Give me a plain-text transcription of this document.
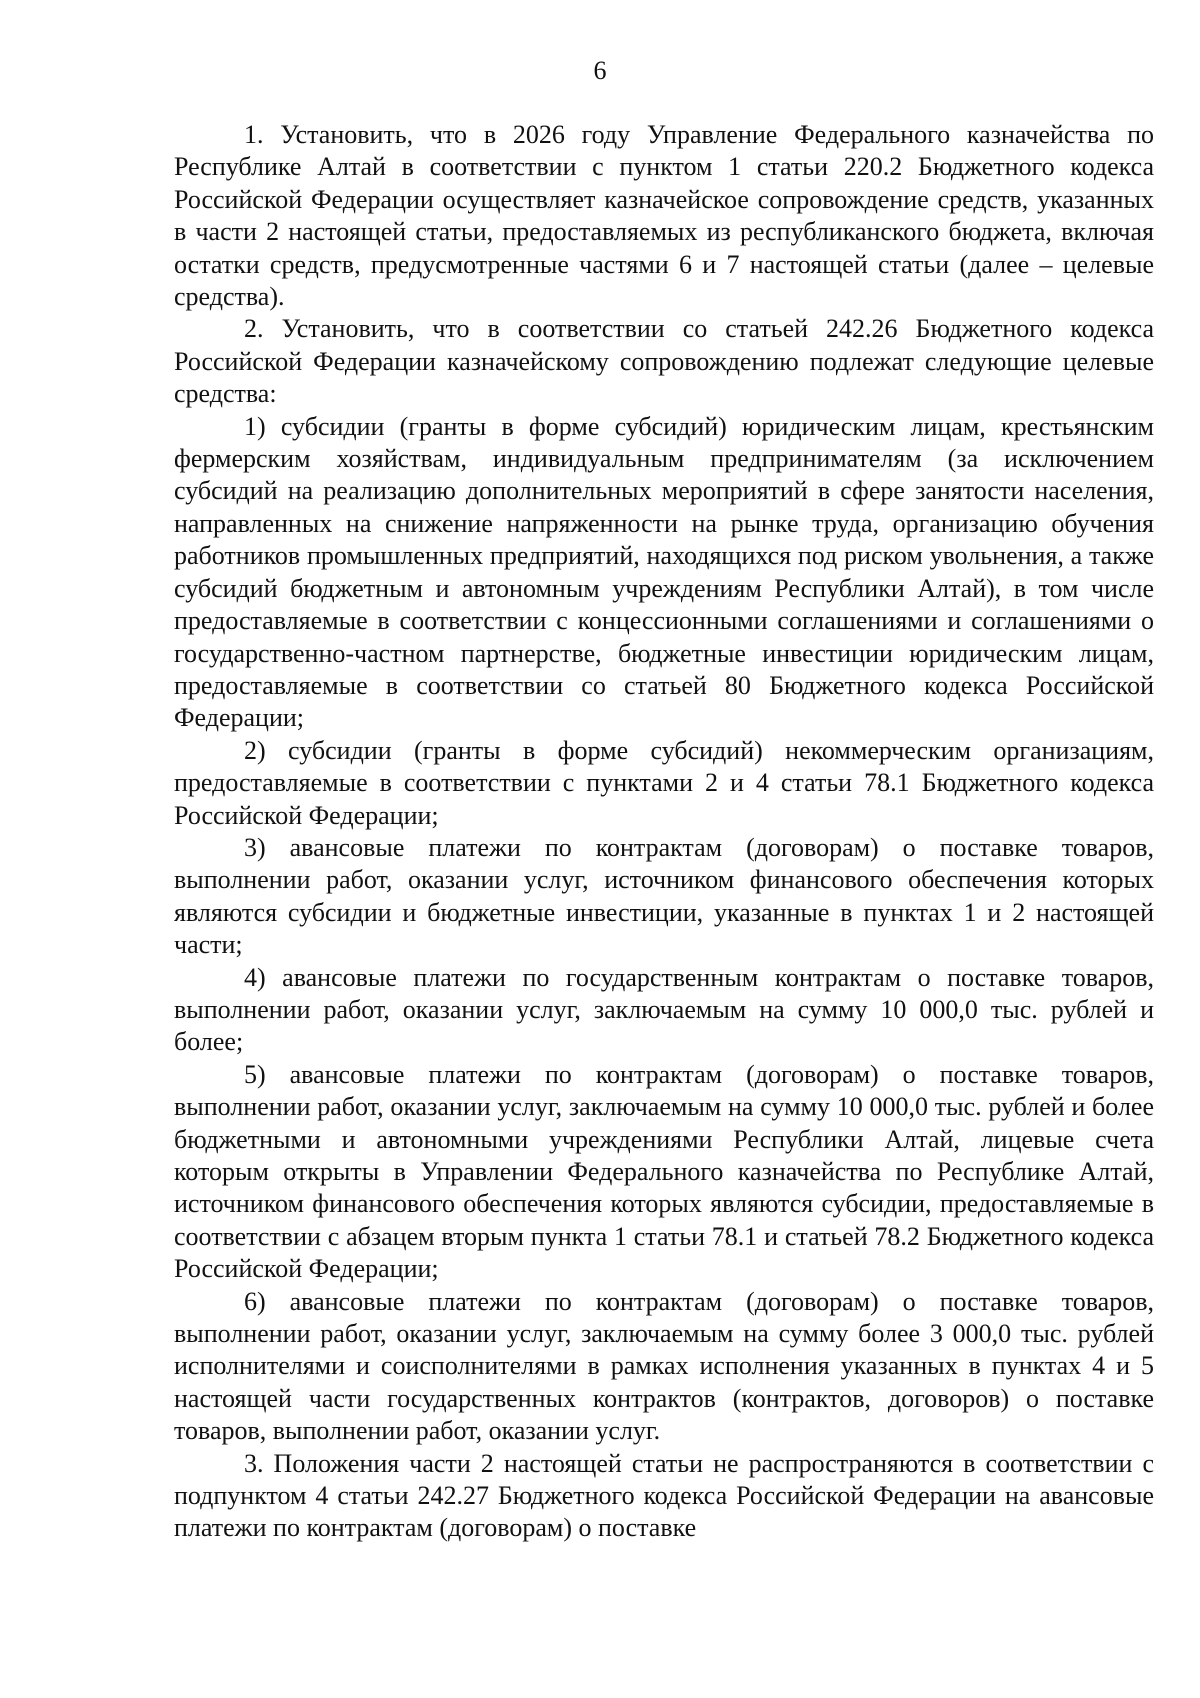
6

1. Установить, что в 2026 году Управление Федерального казначейства по Республике Алтай в соответствии с пунктом 1 статьи 220.2 Бюджетного кодекса Российской Федерации осуществляет казначейское сопровождение средств, указанных в части 2 настоящей статьи, предоставляемых из республиканского бюджета, включая остатки средств, предусмотренные частями 6 и 7 настоящей статьи (далее – целевые средства).

2. Установить, что в соответствии со статьей 242.26 Бюджетного кодекса Российской Федерации казначейскому сопровождению подлежат следующие целевые средства:

1) субсидии (гранты в форме субсидий) юридическим лицам, крестьянским фермерским хозяйствам, индивидуальным предпринимателям (за исключением субсидий на реализацию дополнительных мероприятий в сфере занятости населения, направленных на снижение напряженности на рынке труда, организацию обучения работников промышленных предприятий, находящихся под риском увольнения, а также субсидий бюджетным и автономным учреждениям Республики Алтай), в том числе предоставляемые в соответствии с концессионными соглашениями и соглашениями о государственно-частном партнерстве, бюджетные инвестиции юридическим лицам, предоставляемые в соответствии со статьей 80 Бюджетного кодекса Российской Федерации;

2) субсидии (гранты в форме субсидий) некоммерческим организациям, предоставляемые в соответствии с пунктами 2 и 4 статьи 78.1 Бюджетного кодекса Российской Федерации;

3) авансовые платежи по контрактам (договорам) о поставке товаров, выполнении работ, оказании услуг, источником финансового обеспечения которых являются субсидии и бюджетные инвестиции, указанные в пунктах 1 и 2 настоящей части;

4) авансовые платежи по государственным контрактам о поставке товаров, выполнении работ, оказании услуг, заключаемым на сумму 10 000,0 тыс. рублей и более;

5) авансовые платежи по контрактам (договорам) о поставке товаров, выполнении работ, оказании услуг, заключаемым на сумму 10 000,0 тыс. рублей и более бюджетными и автономными учреждениями Республики Алтай, лицевые счета которым открыты в Управлении Федерального казначейства по Республике Алтай, источником финансового обеспечения которых являются субсидии, предоставляемые в соответствии с абзацем вторым пункта 1 статьи 78.1 и статьей 78.2 Бюджетного кодекса Российской Федерации;

6) авансовые платежи по контрактам (договорам) о поставке товаров, выполнении работ, оказании услуг, заключаемым на сумму более 3 000,0 тыс. рублей исполнителями и соисполнителями в рамках исполнения указанных в пунктах 4 и 5 настоящей части государственных контрактов (контрактов, договоров) о поставке товаров, выполнении работ, оказании услуг.

3. Положения части 2 настоящей статьи не распространяются в соответствии с подпунктом 4 статьи 242.27 Бюджетного кодекса Российской Федерации на авансовые платежи по контрактам (договорам) о поставке
